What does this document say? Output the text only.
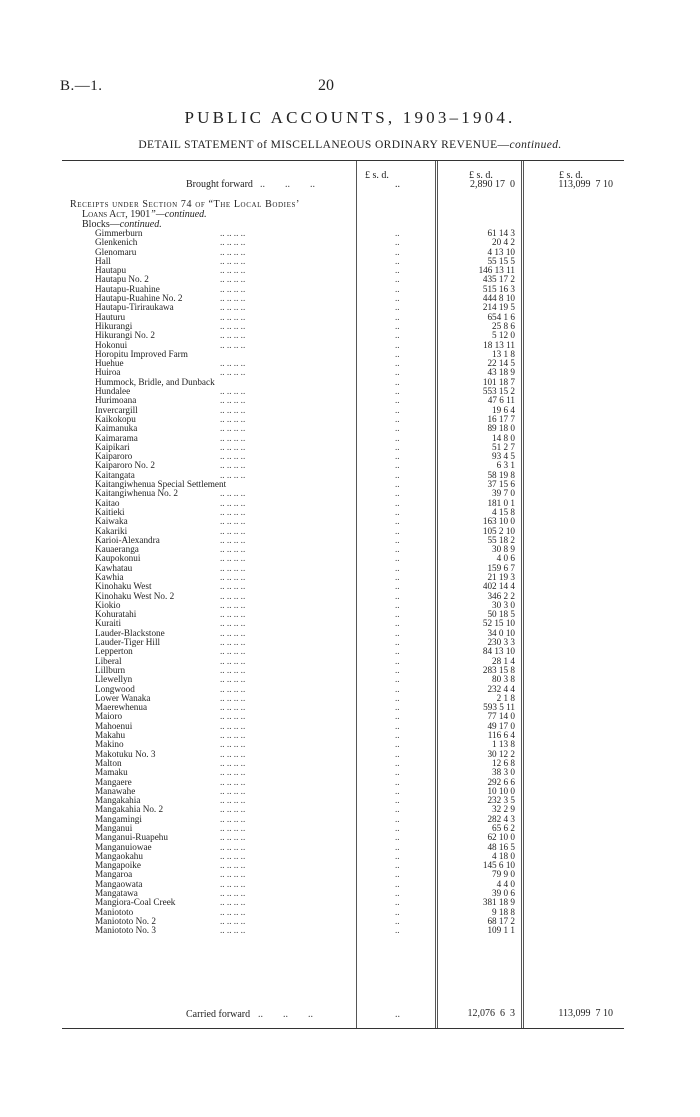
B.—1.	20
PUBLIC ACCOUNTS, 1903–1904.
DETAIL STATEMENT of MISCELLANEOUS ORDINARY REVENUE—continued.
£ s. d.	£ s. d.	£ s. d.
Brought forward ..        ..        ..	..	2,890 17  0	113,099  7 10
Receipts under Section 74 of “The Local Bodies’
Loans Act, 1901”—continued.
Blocks—continued.
Gimmerburn	.. .. .. ..	..	61 14 3
Glenkenich	.. .. .. ..	..	20 4 2
Glenomaru	.. .. .. ..	..	4 13 10
Hall	.. .. .. ..	..	55 15 5
Hautapu	.. .. .. ..	..	146 13 11
Hautapu No. 2	.. .. .. ..	..	435 17 2
Hautapu-Ruahine	.. .. .. ..	..	515 16 3
Hautapu-Ruahine No. 2	.. .. .. ..	..	444 8 10
Hautapu-Tiriraukawa	.. .. .. ..	..	214 19 5
Hauturu	.. .. .. ..	..	654 1 6
Hikurangi	.. .. .. ..	..	25 8 6
Hikurangi No. 2	.. .. .. ..	..	5 12 0
Hokonui	.. .. .. ..	..	18 13 11
Horopitu Improved Farm	..	13 1 8
Huehue	.. .. .. ..	..	22 14 5
Huiroa	.. .. .. ..	..	43 18 9
Hummock, Bridle, and Dunback	..	101 18 7
Hundalee	.. .. .. ..	..	553 15 2
Hurimoana	.. .. .. ..	..	47 6 11
Invercargill	.. .. .. ..	..	19 6 4
Kaikokopu	.. .. .. ..	..	16 17 7
Kaimanuka	.. .. .. ..	..	89 18 0
Kaimarama	.. .. .. ..	..	14 8 0
Kaipikari	.. .. .. ..	..	51 2 7
Kaiparoro	.. .. .. ..	..	93 4 5
Kaiparoro No. 2	.. .. .. ..	..	6 3 1
Kaitangata	.. .. .. ..	..	58 19 8
Kaitangiwhenua Special Settlement	..	37 15 6
Kaitangiwhenua No. 2	.. .. .. ..	..	39 7 0
Kaitao	.. .. .. ..	..	181 0 1
Kaitieki	.. .. .. ..	..	4 15 8
Kaiwaka	.. .. .. ..	..	163 10 0
Kakariki	.. .. .. ..	..	105 2 10
Karioi-Alexandra	.. .. .. ..	..	55 18 2
Kauaeranga	.. .. .. ..	..	30 8 9
Kaupokonui	.. .. .. ..	..	4 0 6
Kawhatau	.. .. .. ..	..	159 6 7
Kawhia	.. .. .. ..	..	21 19 3
Kinohaku West	.. .. .. ..	..	402 14 4
Kinohaku West No. 2	.. .. .. ..	..	346 2 2
Kiokio	.. .. .. ..	..	30 3 0
Kohuratahi	.. .. .. ..	..	50 18 5
Kuraiti	.. .. .. ..	..	52 15 10
Lauder-Blackstone	.. .. .. ..	..	34 0 10
Lauder-Tiger Hill	.. .. .. ..	..	230 3 3
Lepperton	.. .. .. ..	..	84 13 10
Liberal	.. .. .. ..	..	28 1 4
Lillburn	.. .. .. ..	..	283 15 8
Llewellyn	.. .. .. ..	..	80 3 8
Longwood	.. .. .. ..	..	232 4 4
Lower Wanaka	.. .. .. ..	..	2 1 8
Maerewhenua	.. .. .. ..	..	593 5 11
Maioro	.. .. .. ..	..	77 14 0
Mahoenui	.. .. .. ..	..	49 17 0
Makahu	.. .. .. ..	..	116 6 4
Makino	.. .. .. ..	..	1 13 8
Makotuku No. 3	.. .. .. ..	..	30 12 2
Malton	.. .. .. ..	..	12 6 8
Mamaku	.. .. .. ..	..	38 3 0
Mangaere	.. .. .. ..	..	292 6 6
Manawahe	.. .. .. ..	..	10 10 0
Mangakahia	.. .. .. ..	..	232 3 5
Mangakahia No. 2	.. .. .. ..	..	32 2 9
Mangamingi	.. .. .. ..	..	282 4 3
Manganui	.. .. .. ..	..	65 6 2
Manganui-Ruapehu	.. .. .. ..	..	62 10 0
Manganuiowae	.. .. .. ..	..	48 16 5
Mangaokahu	.. .. .. ..	..	4 18 0
Mangapoike	.. .. .. ..	..	145 6 10
Mangaroa	.. .. .. ..	..	79 9 0
Mangaowata	.. .. .. ..	..	4 4 0
Mangatawa	.. .. .. ..	..	39 0 6
Mangiora-Coal Creek	.. .. .. ..	..	381 18 9
Maniototo	.. .. .. ..	..	9 18 8
Maniototo No. 2	.. .. .. ..	..	68 17 2
Maniototo No. 3	.. .. .. ..	..	109 1 1
Carried forward ..        ..        ..	..	12,076  6  3	113,099  7 10
